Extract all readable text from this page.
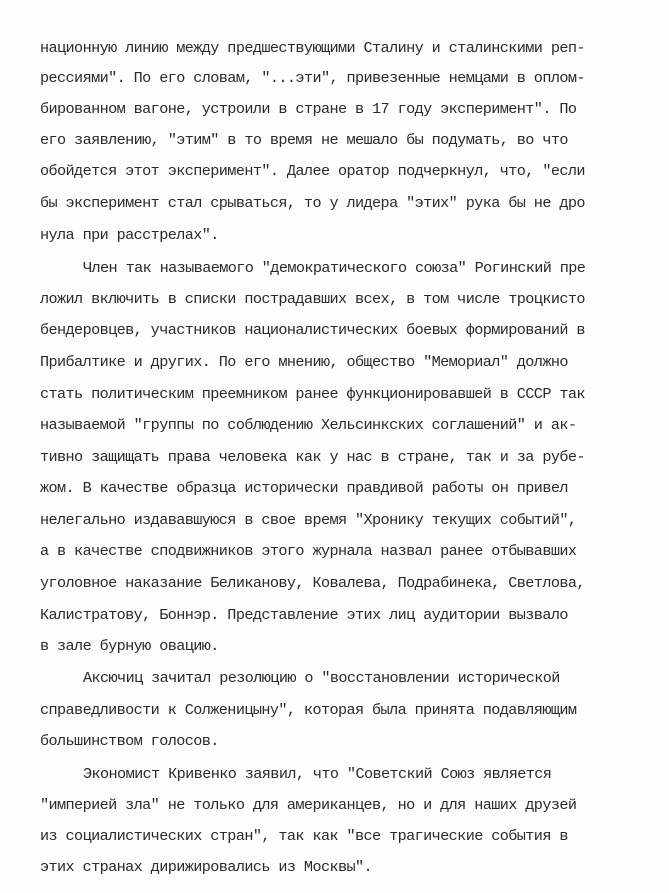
национную линию между предшествующими Сталину и сталинскими реп-
рессиями". По его словам, "...эти", привезенные немцами в оплом-
бированном вагоне, устроили в стране в 17 году эксперимент". По
его заявлению, "этим" в то время не мешало бы подумать, во что
обойдется этот эксперимент". Далее оратор подчеркнул, что, "если
бы эксперимент стал срываться, то у лидера "этих" рука бы не дро
нула при расстрелах".
Член так называемого "демократического союза" Рогинский пре
ложил включить в списки пострадавших всех, в том числе троцкисто
бендеровцев, участников националистических боевых формирований в
Прибалтике и других. По его мнению, общество "Мемориал" должно
стать политическим преемником ранее функционировавшей в СССР так
называемой "группы по соблюдению Хельсинкских соглашений" и ак-
тивно защищать права человека как у нас в стране, так и за рубе-
жом. В качестве образца исторически правдивой работы он привел
нелегально издававшуюся в свое время "Хронику текущих событий",
а в качестве сподвижников этого журнала назвал ранее отбывавших
уголовное наказание Беликанову, Ковалева, Подрабинека, Светлова,
Калистратову, Боннэр. Представление этих лиц аудитории вызвало
в зале бурную овацию.
Аксючиц зачитал резолюцию о "восстановлении исторической
справедливости к Солженицыну", которая была принята подавляющим
большинством голосов.
Экономист Кривенко заявил, что "Советский Союз является
"империей зла" не только для американцев, но и для наших друзей
из социалистических стран", так как "все трагические события в
этих странах дирижировались из Москвы".
